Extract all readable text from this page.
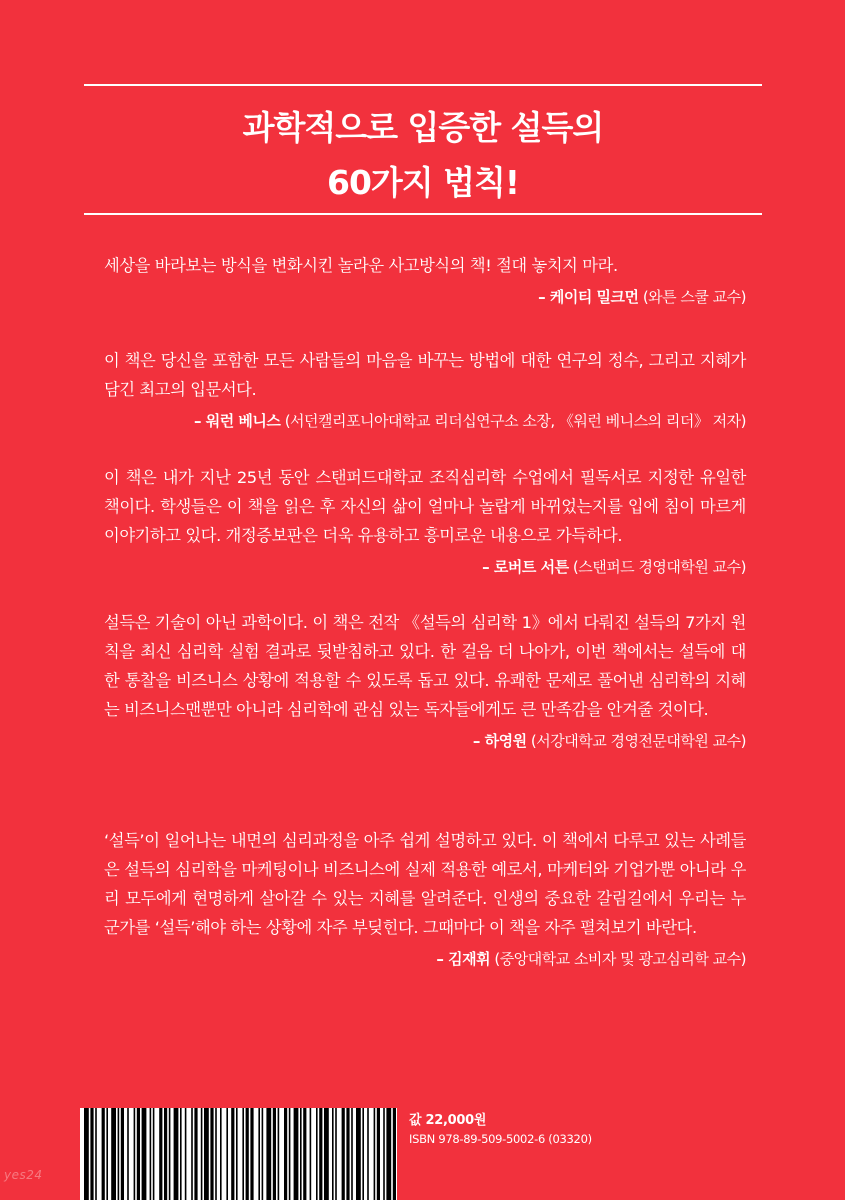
과학적으로 입증한 설득의
60가지 법칙!

세상을 바라보는 방식을 변화시킨 놀라운 사고방식의 책! 절대 놓치지 마라.

– 케이티 밀크먼 (와튼 스쿨 교수)

이 책은 당신을 포함한 모든 사람들의 마음을 바꾸는 방법에 대한 연구의 정수, 그리고 지혜가 담긴 최고의 입문서다.

– 워런 베니스 (서던캘리포니아대학교 리더십연구소 소장, 《워런 베니스의 리더》 저자)

이 책은 내가 지난 25년 동안 스탠퍼드대학교 조직심리학 수업에서 필독서로 지정한 유일한 책이다. 학생들은 이 책을 읽은 후 자신의 삶이 얼마나 놀랍게 바뀌었는지를 입에 침이 마르게 이야기하고 있다. 개정증보판은 더욱 유용하고 흥미로운 내용으로 가득하다.

– 로버트 서튼 (스탠퍼드 경영대학원 교수)

설득은 기술이 아닌 과학이다. 이 책은 전작 《설득의 심리학 1》에서 다뤄진 설득의 7가지 원칙을 최신 심리학 실험 결과로 뒷받침하고 있다. 한 걸음 더 나아가, 이번 책에서는 설득에 대한 통찰을 비즈니스 상황에 적용할 수 있도록 돕고 있다. 유쾌한 문제로 풀어낸 심리학의 지혜는 비즈니스맨뿐만 아니라 심리학에 관심 있는 독자들에게도 큰 만족감을 안겨줄 것이다.

– 하영원 (서강대학교 경영전문대학원 교수)

‘설득’이 일어나는 내면의 심리과정을 아주 쉽게 설명하고 있다. 이 책에서 다루고 있는 사례들은 설득의 심리학을 마케팅이나 비즈니스에 실제 적용한 예로서, 마케터와 기업가뿐 아니라 우리 모두에게 현명하게 살아갈 수 있는 지혜를 알려준다. 인생의 중요한 갈림길에서 우리는 누군가를 ‘설득’해야 하는 상황에 자주 부딪힌다. 그때마다 이 책을 자주 펼쳐보기 바란다.

– 김재휘 (중앙대학교 소비자 및 광고심리학 교수)
값 22,000원
ISBN 978-89-509-5002-6 (03320)
yes24
